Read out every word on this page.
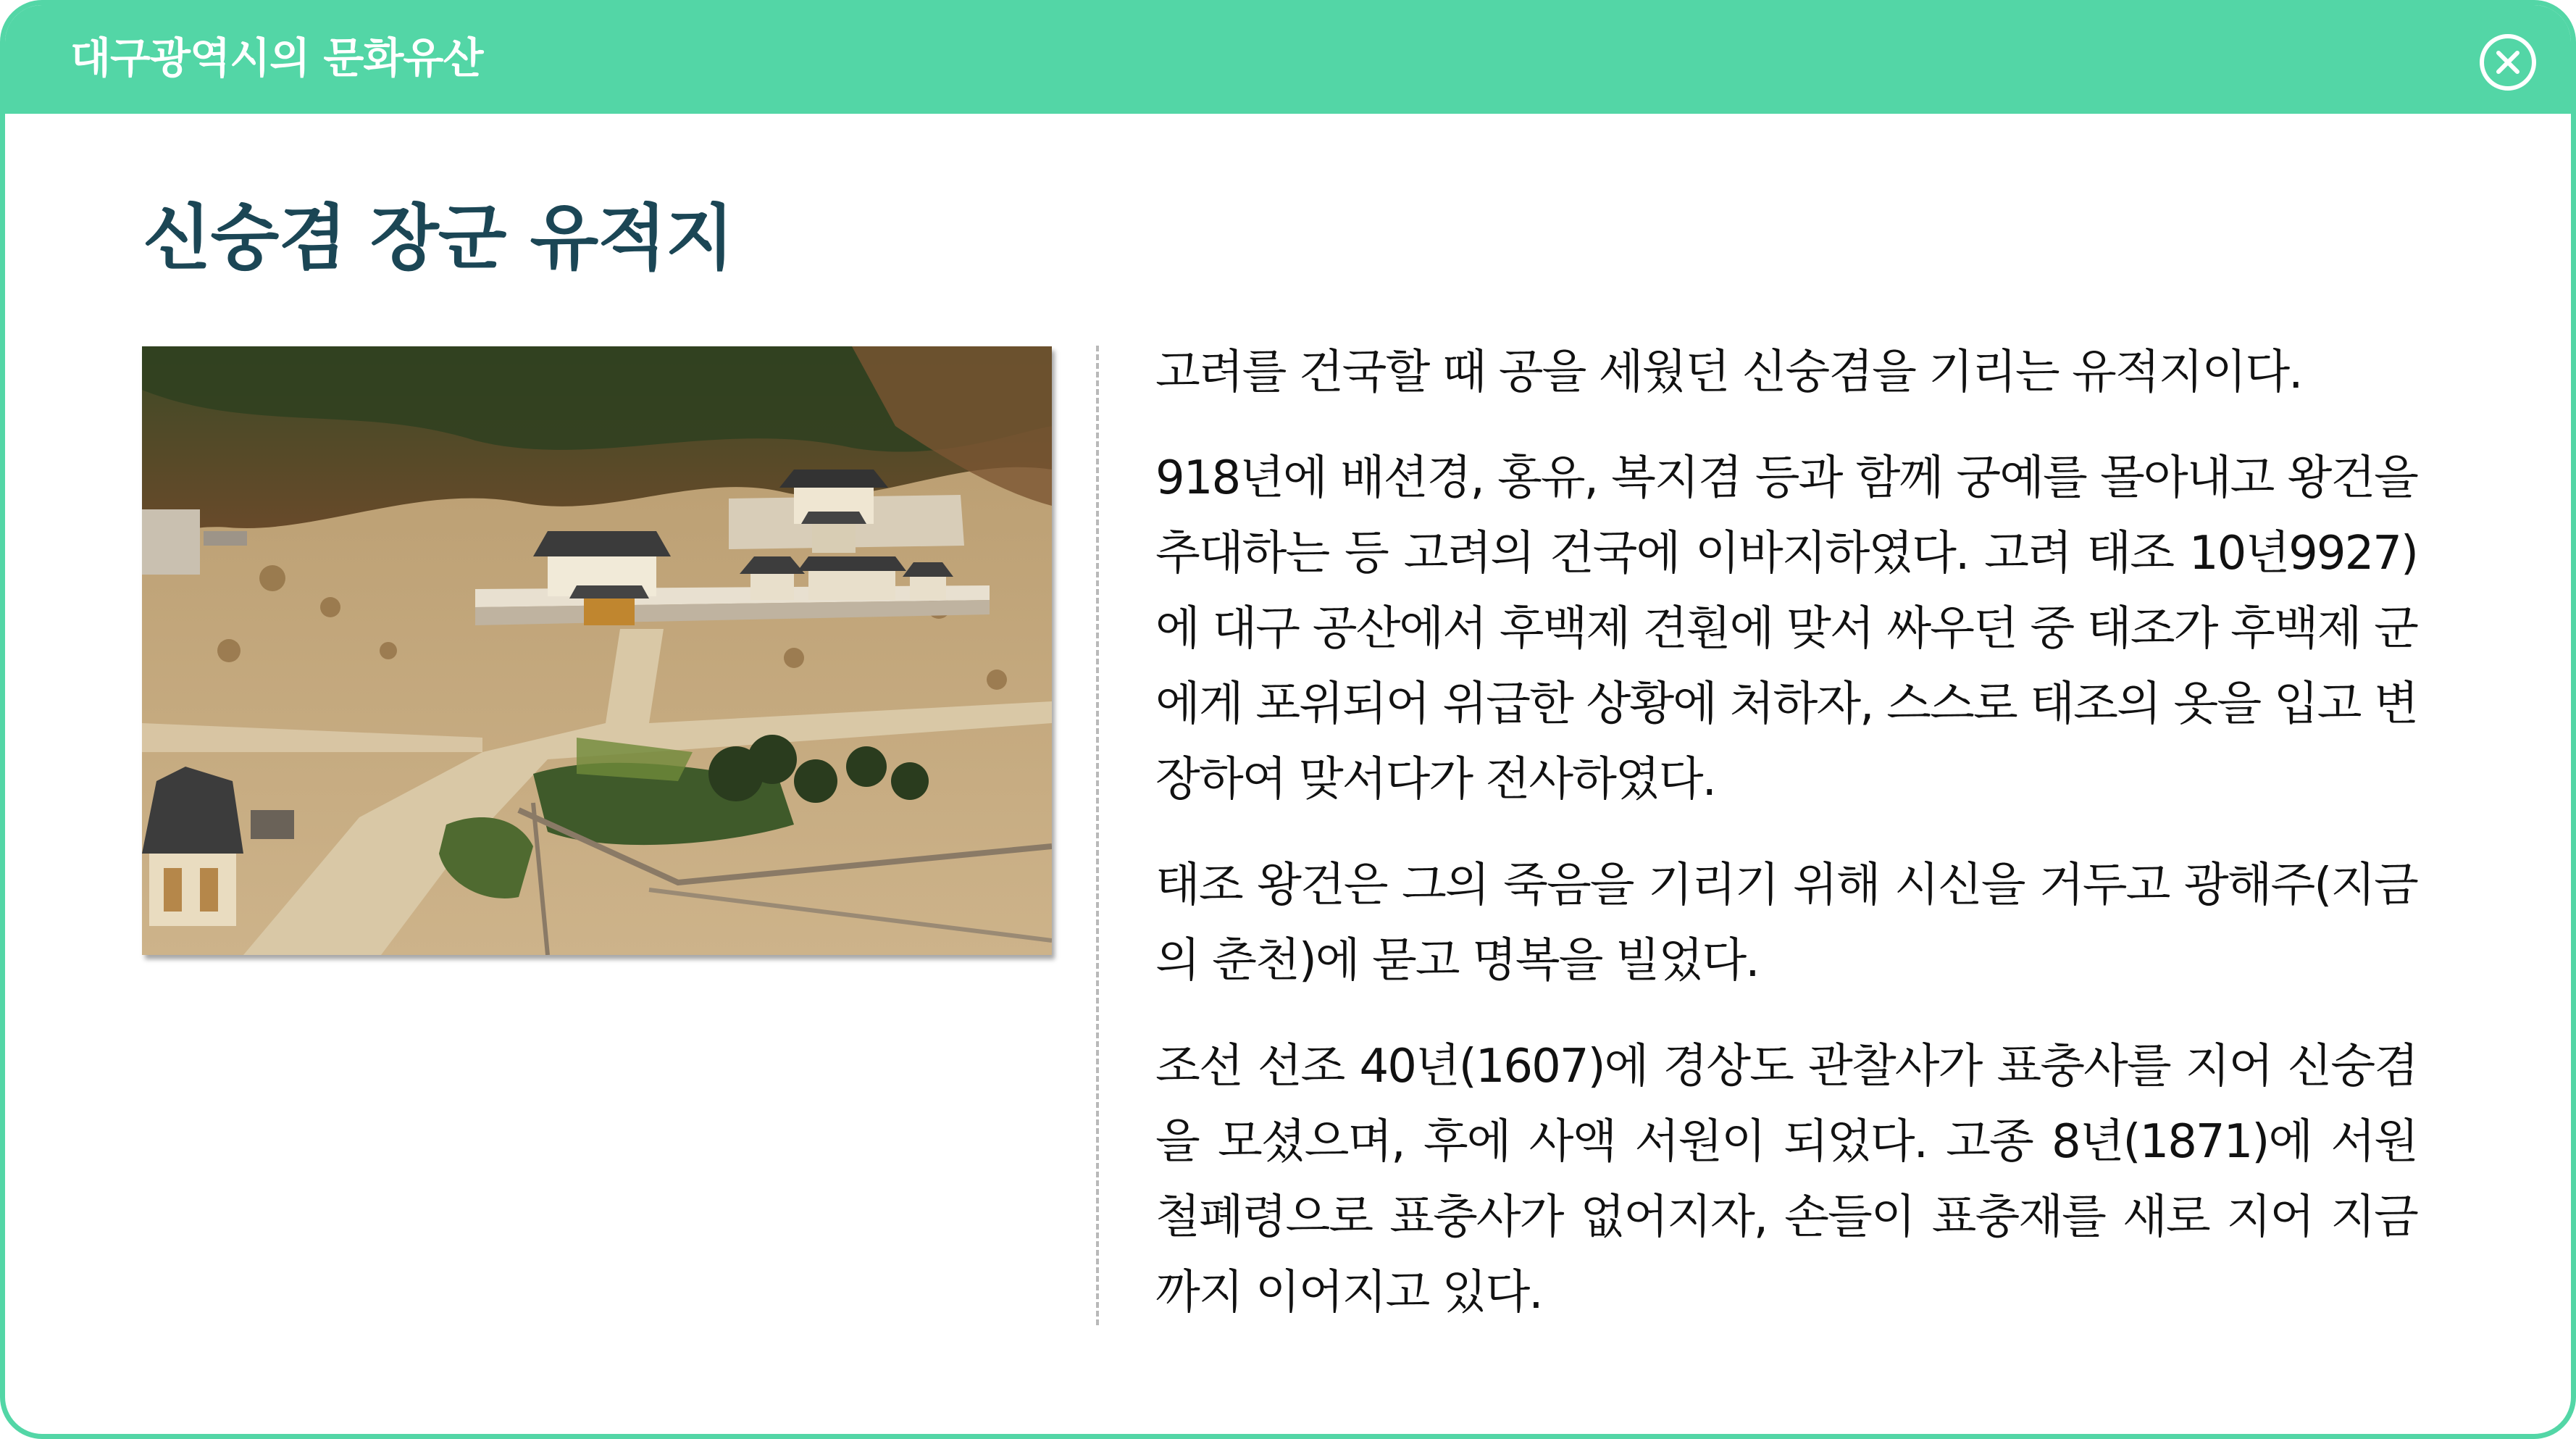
대구광역시의 문화유산
신숭겸 장군 유적지

고려를 건국할 때 공을 세웠던 신숭겸을 기리는 유적지이다.

918년에 배션경, 홍유, 복지겸 등과 함께 궁예를 몰아내고 왕건을 추대하는 등 고려의 건국에 이바지하였다. 고려 태조 10년9927)에 대구 공산에서 후백제 견훤에 맞서 싸우던 중 태조가 후백제 군에게 포위되어 위급한 상황에 처하자, 스스로 태조의 옷을 입고 변장하여 맞서다가 전사하였다.

태조 왕건은 그의 죽음을 기리기 위해 시신을 거두고 광해주(지금의 춘천)에 묻고 명복을 빌었다.

조선 선조 40년(1607)에 경상도 관찰사가 표충사를 지어 신숭겸을 모셨으며, 후에 사액 서원이 되었다. 고종 8년(1871)에 서원 철폐령으로 표충사가 없어지자, 손들이 표충재를 새로 지어 지금까지 이어지고 있다.
